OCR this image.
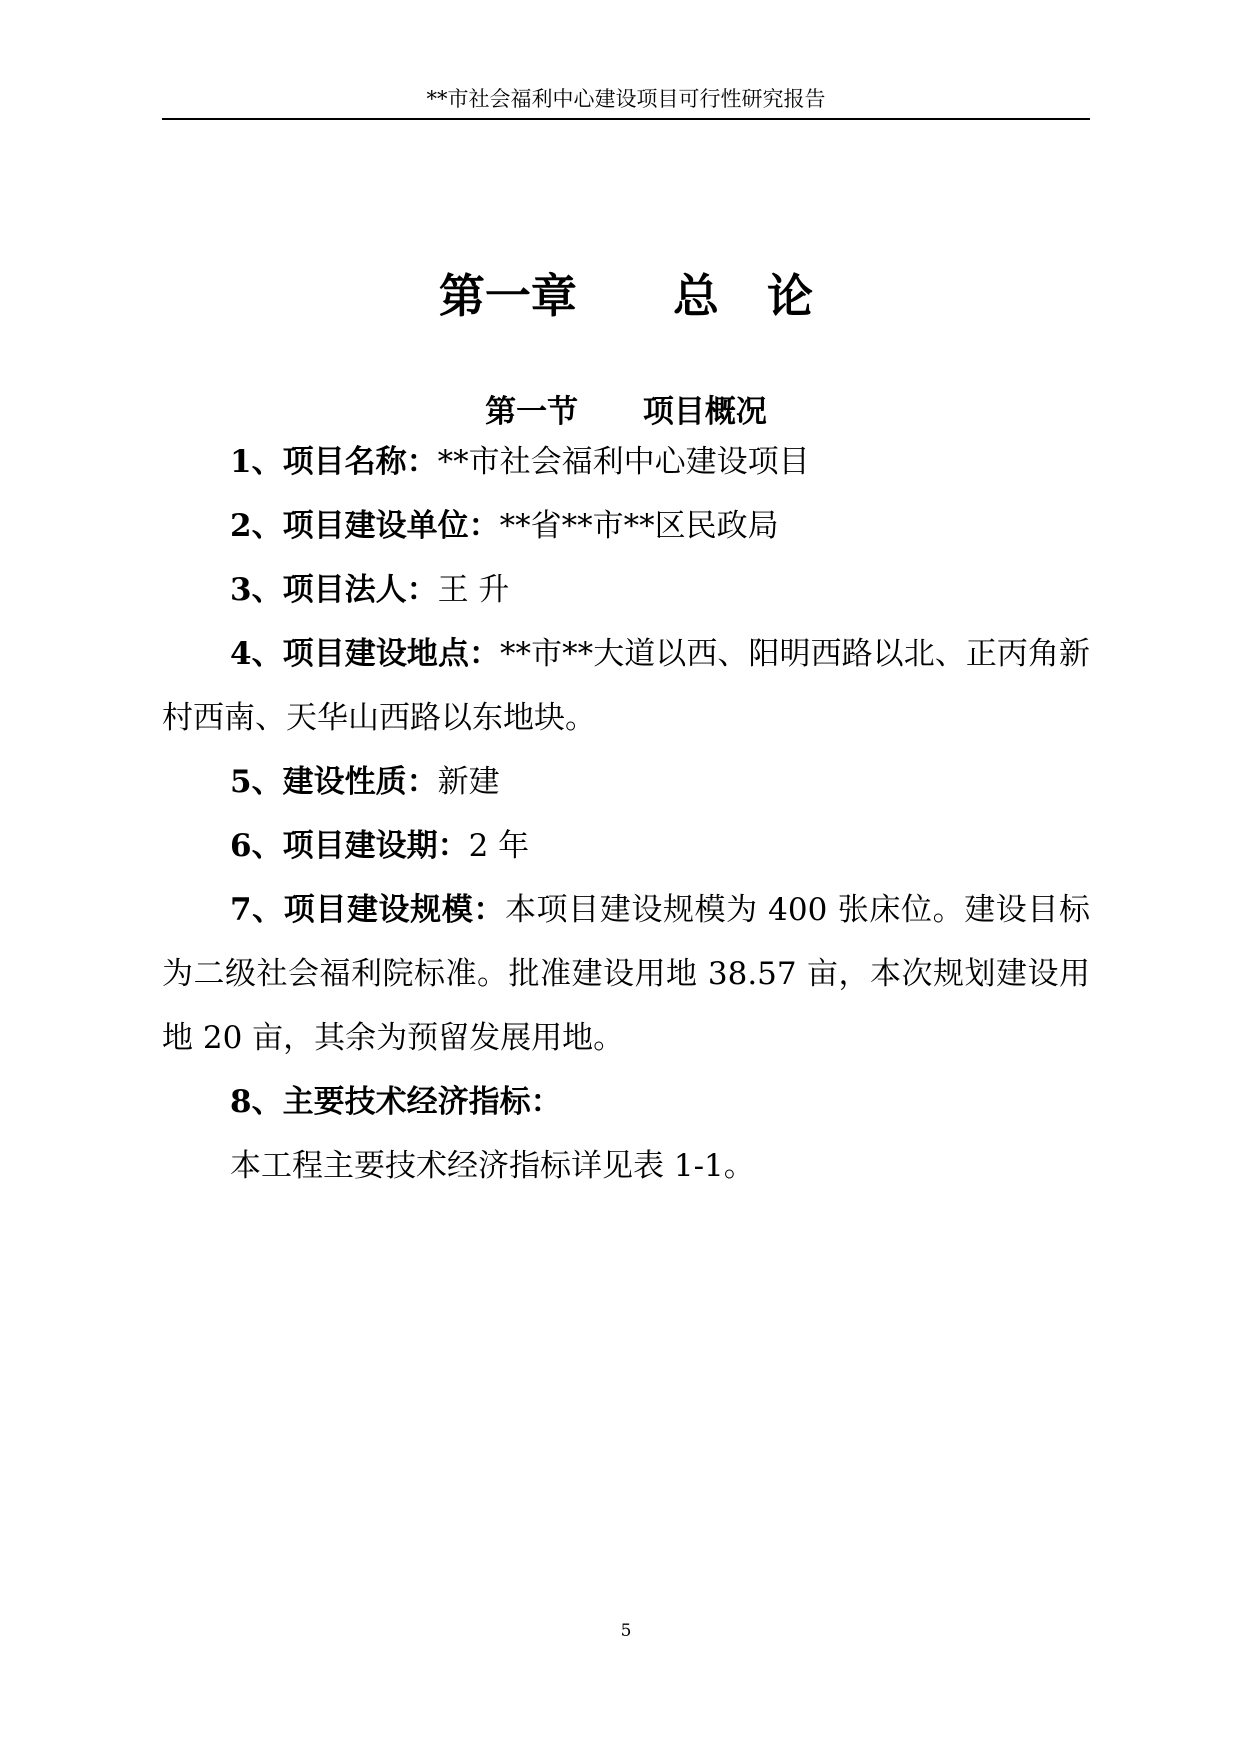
**市社会福利中心建设项目可行性研究报告
第一章      总   论
第一节      项目概况

1、项目名称：**市社会福利中心建设项目

2、项目建设单位：**省**市**区民政局

3、项目法人：王 升

4、项目建设地点：**市**大道以西、阳明西路以北、正丙角新村西南、天华山西路以东地块。

5、建设性质：新建

6、项目建设期：2 年

7、项目建设规模：本项目建设规模为 400 张床位。建设目标为二级社会福利院标准。批准建设用地 38.57 亩，本次规划建设用地 20 亩，其余为预留发展用地。

8、主要技术经济指标：

本工程主要技术经济指标详见表 1-1。

5
